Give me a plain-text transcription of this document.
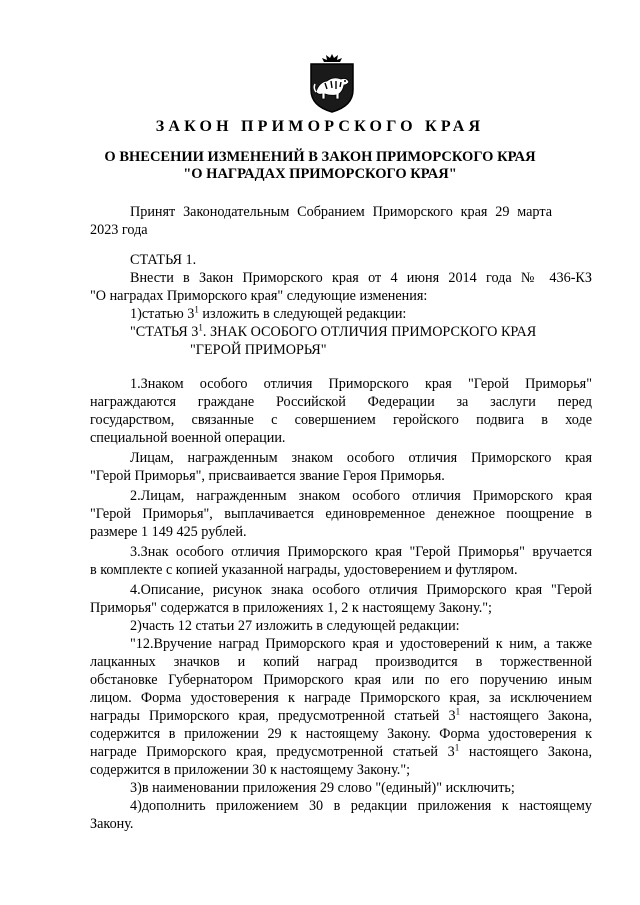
ЗАКОН ПРИМОРСКОГО КРАЯ
О ВНЕСЕНИИ ИЗМЕНЕНИЙ В ЗАКОН ПРИМОРСКОГО КРАЯ
"О НАГРАДАХ ПРИМОРСКОГО КРАЯ"
Принят Законодательным Собранием Приморского края 29 марта
2023 года
СТАТЬЯ 1.
Внести в Закон Приморского края от 4 июня 2014 года № 436-КЗ
"О наградах Приморского края" следующие изменения:
1)статью $3^1$ изложить в следующей редакции:
"СТАТЬЯ $3^1$. ЗНАК ОСОБОГО ОТЛИЧИЯ ПРИМОРСКОГО КРАЯ
"ГЕРОЙ ПРИМОРЬЯ"
1.Знаком особого отличия Приморского края "Герой Приморья"
награждаются граждане Российской Федерации за заслуги перед
государством, связанные с совершением геройского подвига в ходе
специальной военной операции.
Лицам, награжденным знаком особого отличия Приморского края
"Герой Приморья", присваивается звание Героя Приморья.
2.Лицам, награжденным знаком особого отличия Приморского края
"Герой Приморья", выплачивается единовременное денежное поощрение в
размере 1 149 425 рублей.
3.Знак особого отличия Приморского края "Герой Приморья" вручается
в комплекте с копией указанной награды, удостоверением и футляром.
4.Описание, рисунок знака особого отличия Приморского края "Герой
Приморья" содержатся в приложениях 1, 2 к настоящему Закону.";
2)часть 12 статьи 27 изложить в следующей редакции:
"12.Вручение наград Приморского края и удостоверений к ним, а также
лацканных значков и копий наград производится в торжественной
обстановке Губернатором Приморского края или по его поручению иным
лицом. Форма удостоверения к награде Приморского края, за исключением
награды Приморского края, предусмотренной статьей $3^1$ настоящего Закона,
содержится в приложении 29 к настоящему Закону. Форма удостоверения к
награде Приморского края, предусмотренной статьей $3^1$ настоящего Закона,
содержится в приложении 30 к настоящему Закону.";
3)в наименовании приложения 29 слово "(единый)" исключить;
4)дополнить приложением 30 в редакции приложения к настоящему
Закону.
